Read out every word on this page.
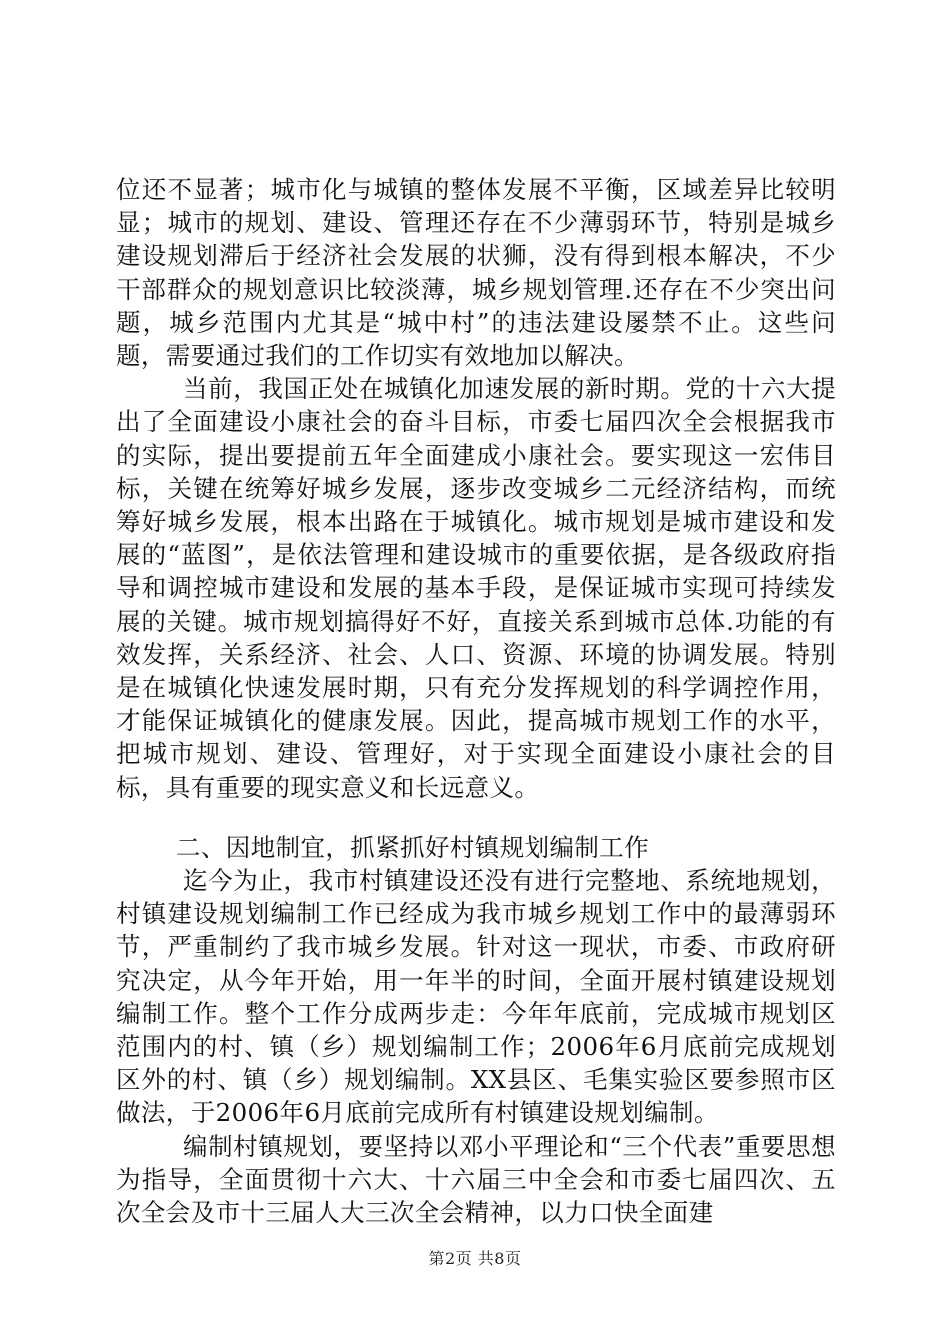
位还不显著；城市化与城镇的整体发展不平衡，区域差异比较明显；城市的规划、建设、管理还存在不少薄弱环节，特别是城乡建设规划滞后于经济社会发展的状狮，没有得到根本解决，不少干部群众的规划意识比较淡薄，城乡规划管理.还存在不少突出问题，城乡范围内尤其是“城中村”的违法建设屡禁不止。这些问题，需要通过我们的工作切实有效地加以解决。

当前，我国正处在城镇化加速发展的新时期。党的十六大提出了全面建设小康社会的奋斗目标，市委七届四次全会根据我市的实际，提出要提前五年全面建成小康社会。要实现这一宏伟目标，关键在统筹好城乡发展，逐步改变城乡二元经济结构，而统筹好城乡发展，根本出路在于城镇化。城市规划是城市建设和发展的“蓝图”，是依法管理和建设城市的重要依据，是各级政府指导和调控城市建设和发展的基本手段，是保证城市实现可持续发展的关键。城市规划搞得好不好，直接关系到城市总体.功能的有效发挥，关系经济、社会、人口、资源、环境的协调发展。特别是在城镇化快速发展时期，只有充分发挥规划的科学调控作用，才能保证城镇化的健康发展。因此，提高城市规划工作的水平，把城市规划、建设、管理好，对于实现全面建设小康社会的目标，具有重要的现实意义和长远意义。

二、因地制宜，抓紧抓好村镇规划编制工作

迄今为止，我市村镇建设还没有进行完整地、系统地规划，村镇建设规划编制工作已经成为我市城乡规划工作中的最薄弱环节，严重制约了我市城乡发展。针对这一现状，市委、市政府研究决定，从今年开始，用一年半的时间，全面开展村镇建设规划编制工作。整个工作分成两步走：今年年底前，完成城市规划区范围内的村、镇（乡）规划编制工作；2006年6月底前完成规划区外的村、镇（乡）规划编制。XX县区、毛集实验区要参照市区做法，于2006年6月底前完成所有村镇建设规划编制。

编制村镇规划，要坚持以邓小平理论和“三个代表”重要思想为指导，全面贯彻十六大、十六届三中全会和市委七届四次、五次全会及市十三届人大三次全会精神，以力口快全面建

第2页 共8页
